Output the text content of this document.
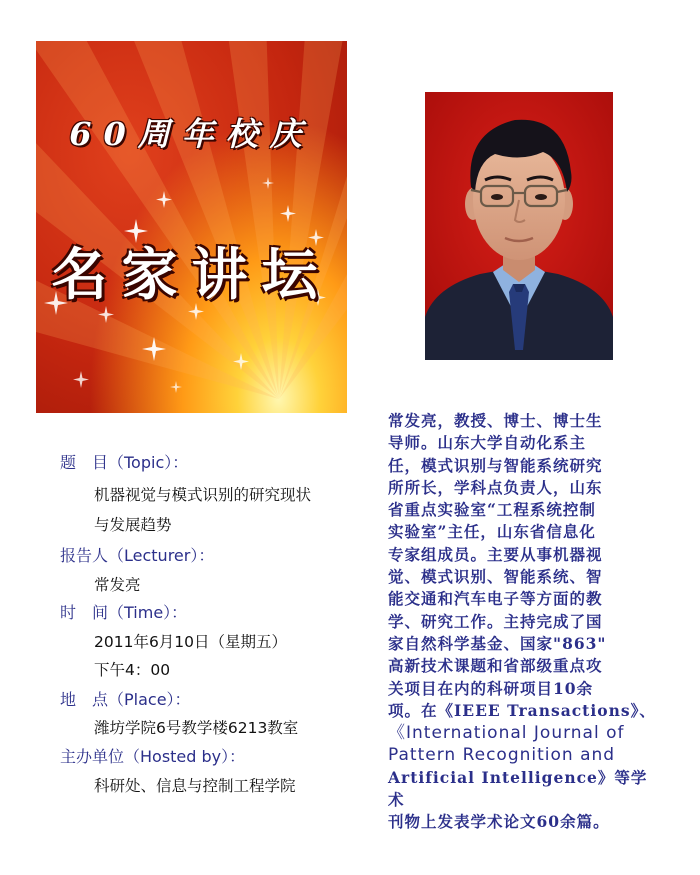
60周年校庆
名家讲坛
题　目（Topic）：
机器视觉与模式识别的研究现状
与发展趋势
报告人（Lecturer）：
常发亮
时　间（Time）：
2011年6月10日（星期五）
下午4：00
地　点（Place）：
潍坊学院6号教学楼6213教室
主办单位（Hosted by）：
科研处、信息与控制工程学院

常发亮，教授、博士、博士生

导师。山东大学自动化系主

任，模式识别与智能系统研究

所所长，学科点负责人，山东

省重点实验室“工程系统控制

实验室”主任，山东省信息化

专家组成员。主要从事机器视

觉、模式识别、智能系统、智

能交通和汽车电子等方面的教

学、研究工作。主持完成了国

家自然科学基金、国家"863"

高新技术课题和省部级重点攻

关项目在内的科研项目10余

项。在《IEEE Transactions》、

《International Journal of

Pattern Recognition and

Artificial Intelligence》等学术

刊物上发表学术论文60余篇。
